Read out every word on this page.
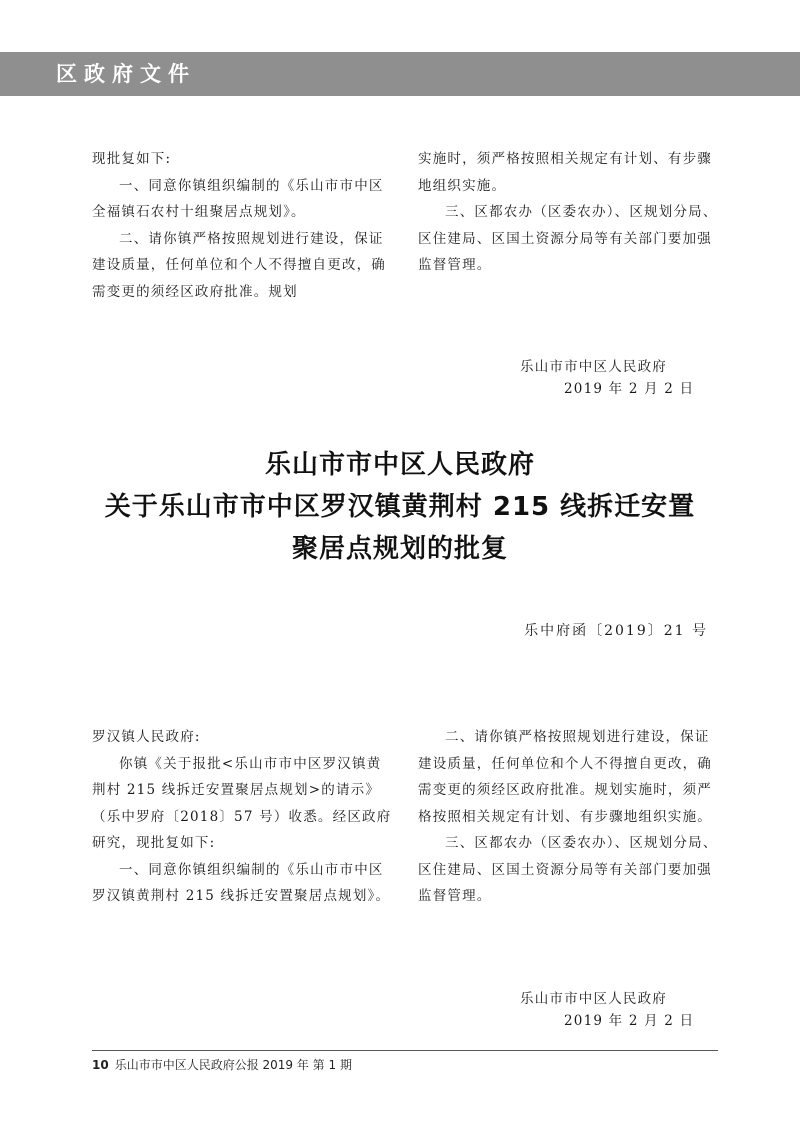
区政府文件

现批复如下:

一、同意你镇组织编制的《乐山市市中区全福镇石农村十组聚居点规划》。

二、请你镇严格按照规划进行建设，保证建设质量，任何单位和个人不得擅自更改，确需变更的须经区政府批准。规划

实施时，须严格按照相关规定有计划、有步骤地组织实施。

三、区都农办（区委农办）、区规划分局、区住建局、区国土资源分局等有关部门要加强监督管理。

乐山市市中区人民政府
2019 年 2 月 2 日
乐山市市中区人民政府
关于乐山市市中区罗汉镇黄荆村 215 线拆迁安置
聚居点规划的批复
乐中府函〔2019〕21 号

罗汉镇人民政府:

你镇《关于报批<乐山市市中区罗汉镇黄荆村 215 线拆迁安置聚居点规划>的请示》（乐中罗府〔2018〕57 号）收悉。经区政府研究，现批复如下:

一、同意你镇组织编制的《乐山市市中区罗汉镇黄荆村 215 线拆迁安置聚居点规划》。

二、请你镇严格按照规划进行建设，保证建设质量，任何单位和个人不得擅自更改，确需变更的须经区政府批准。规划实施时，须严格按照相关规定有计划、有步骤地组织实施。

三、区都农办（区委农办）、区规划分局、区住建局、区国土资源分局等有关部门要加强监督管理。

乐山市市中区人民政府
2019 年 2 月 2 日
10 乐山市市中区人民政府公报 2019 年 第 1 期
